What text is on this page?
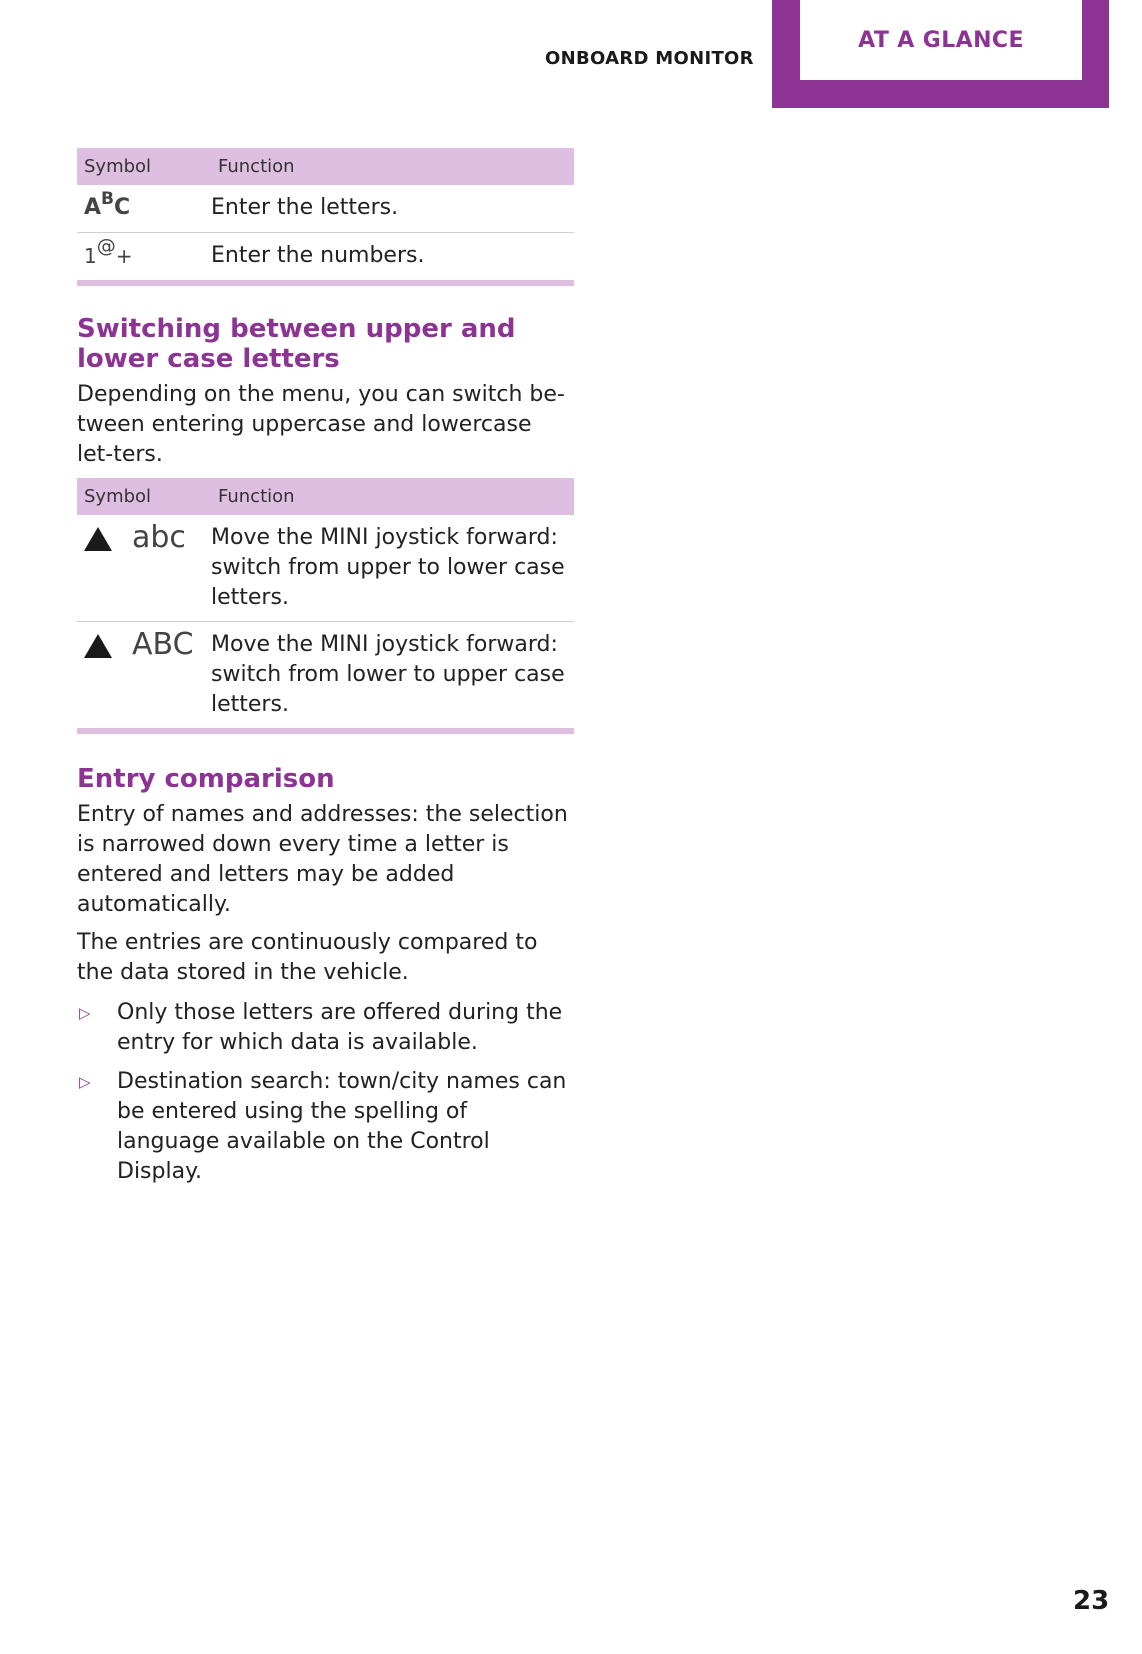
ONBOARD MONITOR
AT A GLANCE
Symbol	Function
$A^BC$	Enter the letters.
1@+	Enter the numbers.
Switching between upper and lower case letters

Depending on the menu, you can switch be-tween entering uppercase and lowercase let-ters.

Symbol	Function

abc	Move the MINI joystick forward: switch from upper to lower case letters.

ABC	Move the MINI joystick forward: switch from lower to upper case letters.
Entry comparison

Entry of names and addresses: the selection is narrowed down every time a letter is entered and letters may be added automatically.

The entries are continuously compared to the data stored in the vehicle.

▷ Only those letters are offered during the entry for which data is available.
▷ Destination search: town/city names can be entered using the spelling of language available on the Control Display.
23
